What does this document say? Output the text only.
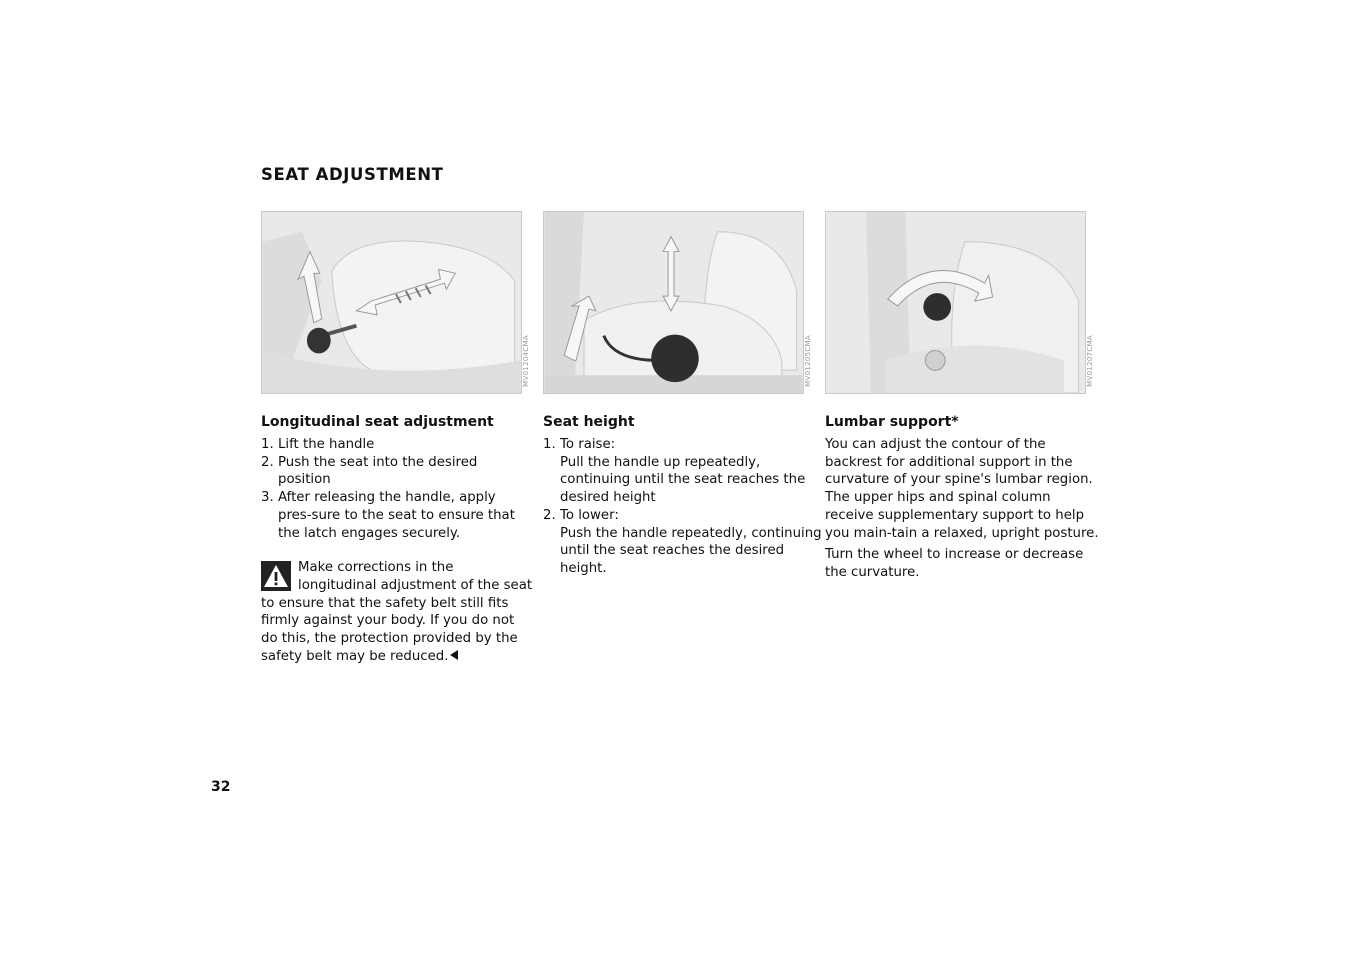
SEAT ADJUSTMENT
MV01204CMA	MV01205CMA	MV01207CMA
Longitudinal seat adjustment
1. Lift the handle
2. Push the seat into the desired position
3. After releasing the handle, apply pres-sure to the seat to ensure that the latch engages securely.
Make corrections in the longitudinal adjustment of the seat to ensure that the safety belt still fits firmly against your body. If you do not do this, the protection provided by the safety belt may be reduced.
Seat height
1. To raise:
Pull the handle up repeatedly, continuing until the seat reaches the desired height
2. To lower:
Push the handle repeatedly, continuing until the seat reaches the desired height.
Lumbar support*

You can adjust the contour of the backrest for additional support in the curvature of your spine's lumbar region.

The upper hips and spinal column receive supplementary support to help you main-tain a relaxed, upright posture.

Turn the wheel to increase or decrease the curvature.

32
